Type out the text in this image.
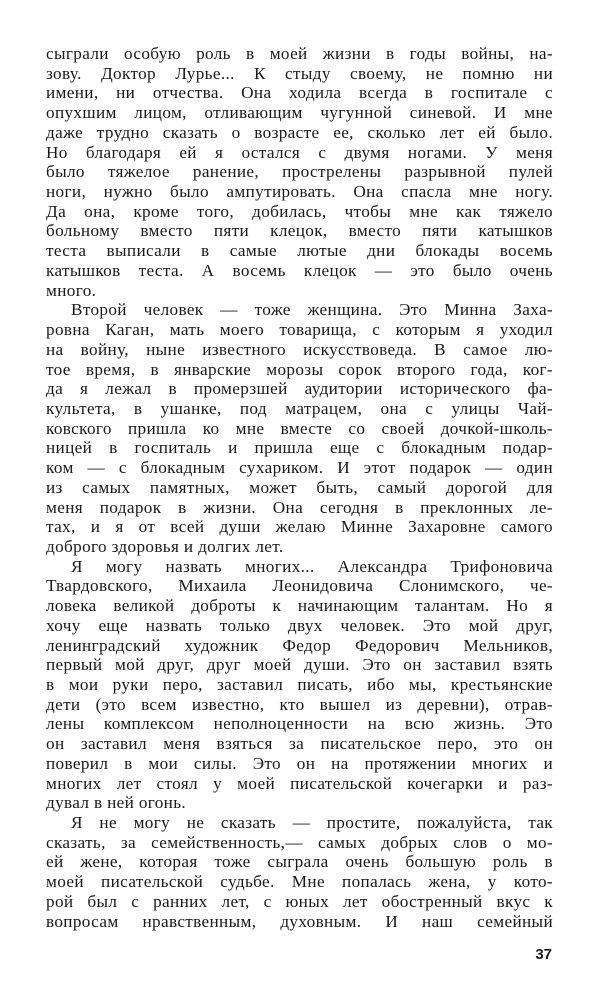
сыграли особую роль в моей жизни в годы войны, на-
зову. Доктор Лурье... К стыду своему, не помню ни
имени, ни отчества. Она ходила всегда в госпитале с
опухшим лицом, отливающим чугунной синевой. И мне
даже трудно сказать о возрасте ее, сколько лет ей было.
Но благодаря ей я остался с двумя ногами. У меня
было тяжелое ранение, прострелены разрывной пулей
ноги, нужно было ампутировать. Она спасла мне ногу.
Да она, кроме того, добилась, чтобы мне как тяжело
больному вместо пяти клецок, вместо пяти катышков
теста выписали в самые лютые дни блокады восемь
катышков теста. А восемь клецок — это было очень
много.
Второй человек — тоже женщина. Это Минна Заха-
ровна Каган, мать моего товарища, с которым я уходил
на войну, ныне известного искусствоведа. В самое лю-
тое время, в январские морозы сорок второго года, ког-
да я лежал в промерзшей аудитории исторического фа-
культета, в ушанке, под матрацем, она с улицы Чай-
ковского пришла ко мне вместе со своей дочкой-школь-
ницей в госпиталь и пришла еще с блокадным подар-
ком — с блокадным сухариком. И этот подарок — один
из самых памятных, может быть, самый дорогой для
меня подарок в жизни. Она сегодня в преклонных ле-
тах, и я от всей души желаю Минне Захаровне самого
доброго здоровья и долгих лет.
Я могу назвать многих... Александра Трифоновича
Твардовского, Михаила Леонидовича Слонимского, че-
ловека великой доброты к начинающим талантам. Но я
хочу еще назвать только двух человек. Это мой друг,
ленинградский художник Федор Федорович Мельников,
первый мой друг, друг моей души. Это он заставил взять
в мои руки перо, заставил писать, ибо мы, крестьянские
дети (это всем известно, кто вышел из деревни), отрав-
лены комплексом неполноценности на всю жизнь. Это
он заставил меня взяться за писательское перо, это он
поверил в мои силы. Это он на протяжении многих и
многих лет стоял у моей писательской кочегарки и раз-
дувал в ней огонь.
Я не могу не сказать — простите, пожалуйста, так
сказать, за семейственность,— самых добрых слов о мо-
ей жене, которая тоже сыграла очень большую роль в
моей писательской судьбе. Мне попалась жена, у кото-
рой был с ранних лет, с юных лет обостренный вкус к
вопросам нравственным, духовным. И наш семейный
37
